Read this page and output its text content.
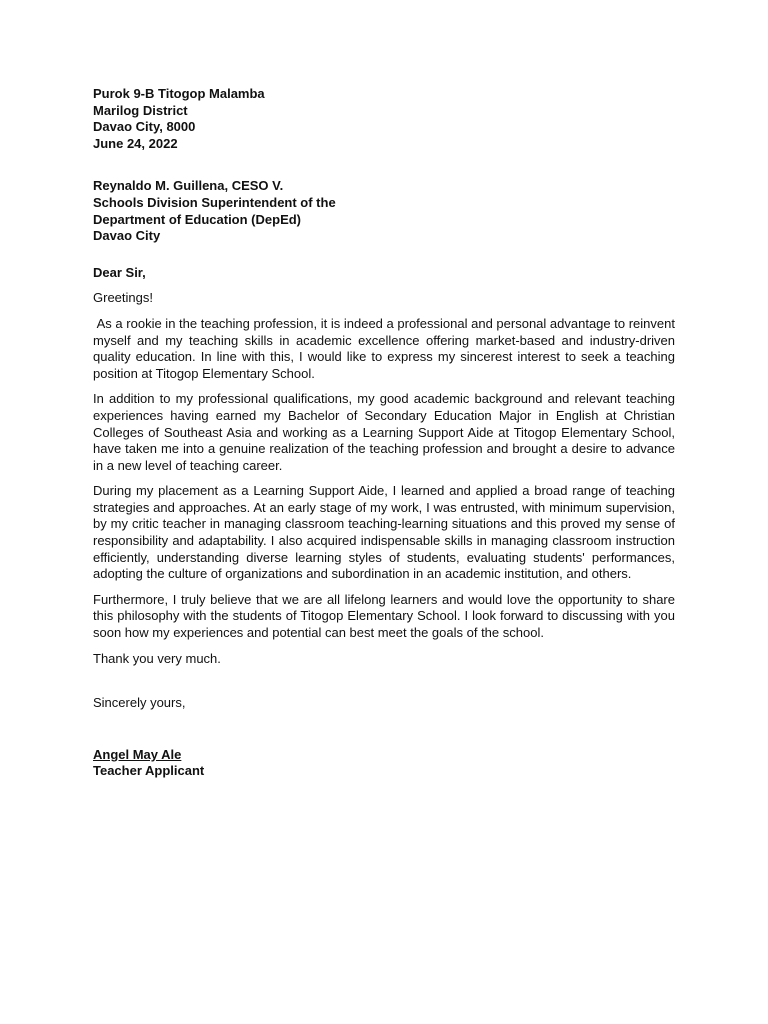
Purok 9-B Titogop Malamba
Marilog District
Davao City, 8000
June 24, 2022
Reynaldo M. Guillena, CESO V.
Schools Division Superintendent of the
Department of Education (DepEd)
Davao City
Dear Sir,
Greetings!
As a rookie in the teaching profession, it is indeed a professional and personal advantage to reinvent myself and my teaching skills in academic excellence offering market-based and industry-driven quality education. In line with this, I would like to express my sincerest interest to seek a teaching position at Titogop Elementary School.
In addition to my professional qualifications, my good academic background and relevant teaching experiences having earned my Bachelor of Secondary Education Major in English at Christian Colleges of Southeast Asia and working as a Learning Support Aide at Titogop Elementary School, have taken me into a genuine realization of the teaching profession and brought a desire to advance in a new level of teaching career.
During my placement as a Learning Support Aide, I learned and applied a broad range of teaching strategies and approaches. At an early stage of my work, I was entrusted, with minimum supervision, by my critic teacher in managing classroom teaching-learning situations and this proved my sense of responsibility and adaptability. I also acquired indispensable skills in managing classroom instruction efficiently, understanding diverse learning styles of students, evaluating students' performances, adopting the culture of organizations and subordination in an academic institution, and others.
Furthermore, I truly believe that we are all lifelong learners and would love the opportunity to share this philosophy with the students of Titogop Elementary School. I look forward to discussing with you soon how my experiences and potential can best meet the goals of the school.
Thank you very much.
Sincerely yours,
Angel May Ale
Teacher Applicant
